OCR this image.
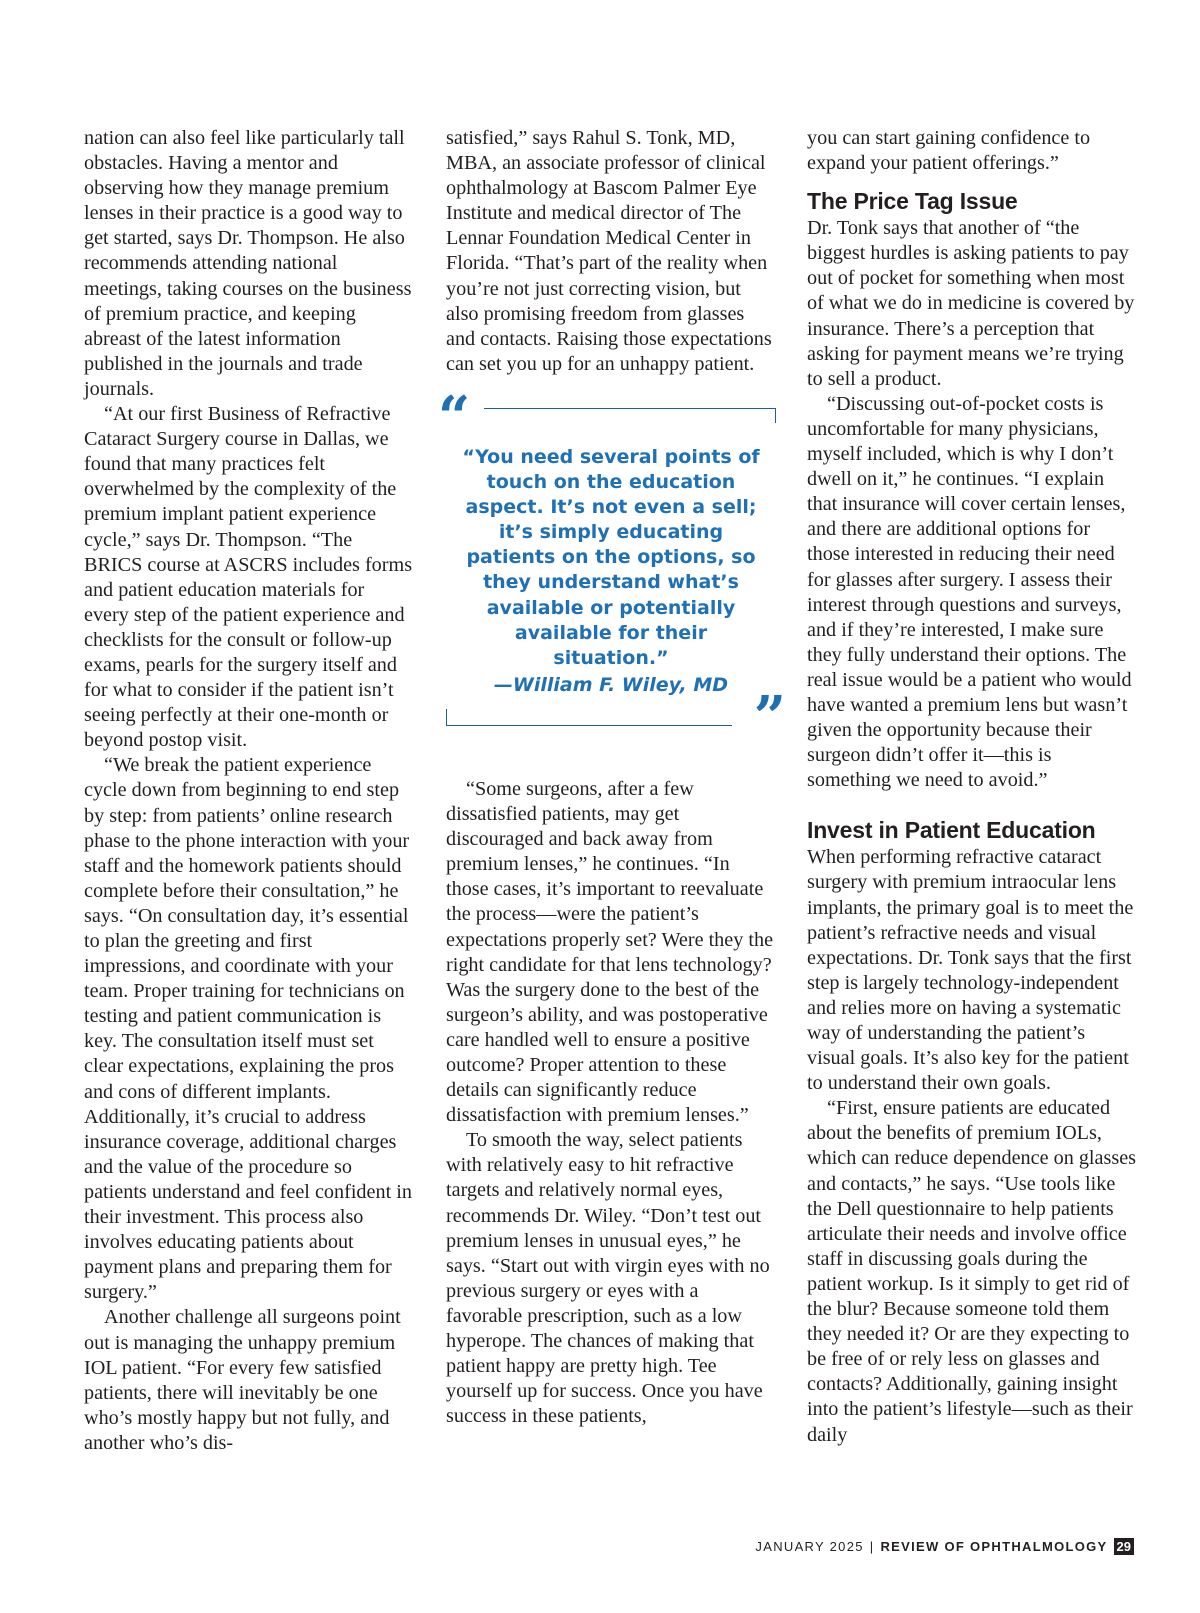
nation can also feel like particularly tall obstacles. Having a mentor and observing how they manage premium lenses in their practice is a good way to get started, says Dr. Thompson. He also recommends attending national meetings, taking courses on the business of premium practice, and keeping abreast of the latest information published in the journals and trade journals.

“At our first Business of Refractive Cataract Surgery course in Dallas, we found that many practices felt overwhelmed by the complexity of the premium implant patient experience cycle,” says Dr. Thompson. “The BRICS course at ASCRS includes forms and patient education materials for every step of the patient experience and checklists for the consult or follow-up exams, pearls for the surgery itself and for what to consider if the patient isn’t seeing perfectly at their one-month or beyond postop visit.

“We break the patient experience cycle down from beginning to end step by step: from patients’ online research phase to the phone interaction with your staff and the homework patients should complete before their consultation,” he says. “On consultation day, it’s essential to plan the greeting and first impressions, and coordinate with your team. Proper training for technicians on testing and patient communication is key. The consultation itself must set clear expectations, explaining the pros and cons of different implants. Additionally, it’s crucial to address insurance coverage, additional charges and the value of the procedure so patients understand and feel confident in their investment. This process also involves educating patients about payment plans and preparing them for surgery.”

Another challenge all surgeons point out is managing the unhappy premium IOL patient. “For every few satisfied patients, there will inevitably be one who’s mostly happy but not fully, and another who’s dis-

satisfied,” says Rahul S. Tonk, MD, MBA, an associate professor of clinical ophthalmology at Bascom Palmer Eye Institute and medical director of The Lennar Foundation Medical Center in Florida. “That’s part of the reality when you’re not just correcting vision, but also promising freedom from glasses and contacts. Raising those expectations can set you up for an unhappy patient.

“
“You need several points of touch on the education aspect. It’s not even a sell; it’s simply educating patients on the options, so they understand what’s available or potentially available for their situation.”
—William F. Wiley, MD ”

“Some surgeons, after a few dissatisfied patients, may get discouraged and back away from premium lenses,” he continues. “In those cases, it’s important to reevaluate the process—were the patient’s expectations properly set? Were they the right candidate for that lens technology? Was the surgery done to the best of the surgeon’s ability, and was postoperative care handled well to ensure a positive outcome? Proper attention to these details can significantly reduce dissatisfaction with premium lenses.”

To smooth the way, select patients with relatively easy to hit refractive targets and relatively normal eyes, recommends Dr. Wiley. “Don’t test out premium lenses in unusual eyes,” he says. “Start out with virgin eyes with no previous surgery or eyes with a favorable prescription, such as a low hyperope. The chances of making that patient happy are pretty high. Tee yourself up for success. Once you have success in these patients,

you can start gaining confidence to expand your patient offerings.”

The Price Tag Issue

Dr. Tonk says that another of “the biggest hurdles is asking patients to pay out of pocket for something when most of what we do in medicine is covered by insurance. There’s a perception that asking for payment means we’re trying to sell a product.

“Discussing out-of-pocket costs is uncomfortable for many physicians, myself included, which is why I don’t dwell on it,” he continues. “I explain that insurance will cover certain lenses, and there are additional options for those interested in reducing their need for glasses after surgery. I assess their interest through questions and surveys, and if they’re interested, I make sure they fully understand their options. The real issue would be a patient who would have wanted a premium lens but wasn’t given the opportunity because their surgeon didn’t offer it—this is something we need to avoid.”

Invest in Patient Education

When performing refractive cataract surgery with premium intraocular lens implants, the primary goal is to meet the patient’s refractive needs and visual expectations. Dr. Tonk says that the first step is largely technology-independent and relies more on having a systematic way of understanding the patient’s visual goals. It’s also key for the patient to understand their own goals.

“First, ensure patients are educated about the benefits of premium IOLs, which can reduce dependence on glasses and contacts,” he says. “Use tools like the Dell questionnaire to help patients articulate their needs and involve office staff in discussing goals during the patient workup. Is it simply to get rid of the blur? Because someone told them they needed it? Or are they expecting to be free of or rely less on glasses and contacts? Additionally, gaining insight into the patient’s lifestyle—such as their daily

JANUARY 2025 | REVIEW OF OPHTHALMOLOGY 29
